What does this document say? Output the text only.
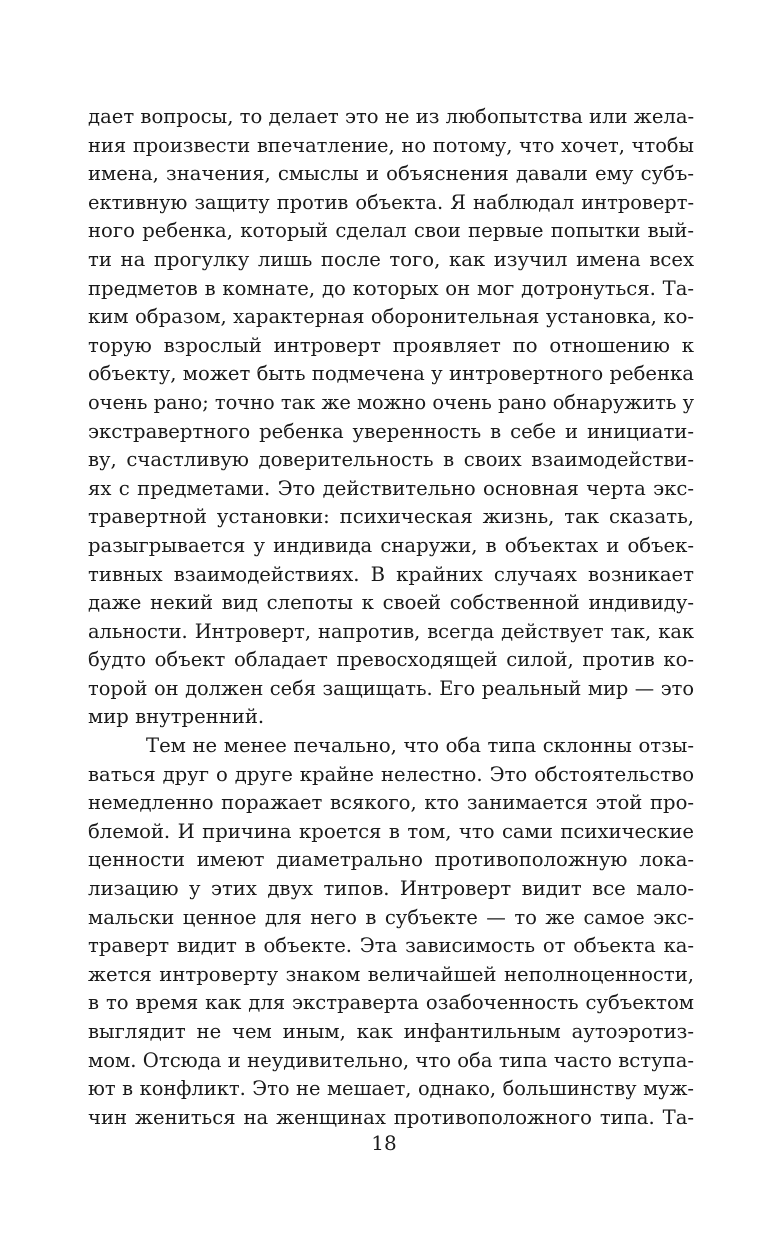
дает вопросы, то делает это не из любопытства или жела-
ния произвести впечатление, но потому, что хочет, чтобы
имена, значения, смыслы и объяснения давали ему субъ-
ективную защиту против объекта. Я наблюдал интроверт-
ного ребенка, который сделал свои первые попытки вый-
ти на прогулку лишь после того, как изучил имена всех
предметов в комнате, до которых он мог дотронуться. Та-
ким образом, характерная оборонительная установка, ко-
торую взрослый интроверт проявляет по отношению к
объекту, может быть подмечена у интровертного ребенка
очень рано; точно так же можно очень рано обнаружить у
экстравертного ребенка уверенность в себе и инициати-
ву, счастливую доверительность в своих взаимодействи-
ях с предметами. Это действительно основная черта экс-
травертной установки: психическая жизнь, так сказать,
разыгрывается у индивида снаружи, в объектах и объек-
тивных взаимодействиях. В крайних случаях возникает
даже некий вид слепоты к своей собственной индивиду-
альности. Интроверт, напротив, всегда действует так, как
будто объект обладает превосходящей силой, против ко-
торой он должен себя защищать. Его реальный мир — это
мир внутренний.
Тем не менее печально, что оба типа склонны отзы-
ваться друг о друге крайне нелестно. Это обстоятельство
немедленно поражает всякого, кто занимается этой про-
блемой. И причина кроется в том, что сами психические
ценности имеют диаметрально противоположную лока-
лизацию у этих двух типов. Интроверт видит все мало-
мальски ценное для него в субъекте — то же самое экс-
траверт видит в объекте. Эта зависимость от объекта ка-
жется интроверту знаком величайшей неполноценности,
в то время как для экстраверта озабоченность субъектом
выглядит не чем иным, как инфантильным аутоэротиз-
мом. Отсюда и неудивительно, что оба типа часто вступа-
ют в конфликт. Это не мешает, однако, большинству муж-
чин жениться на женщинах противоположного типа. Та-
18
